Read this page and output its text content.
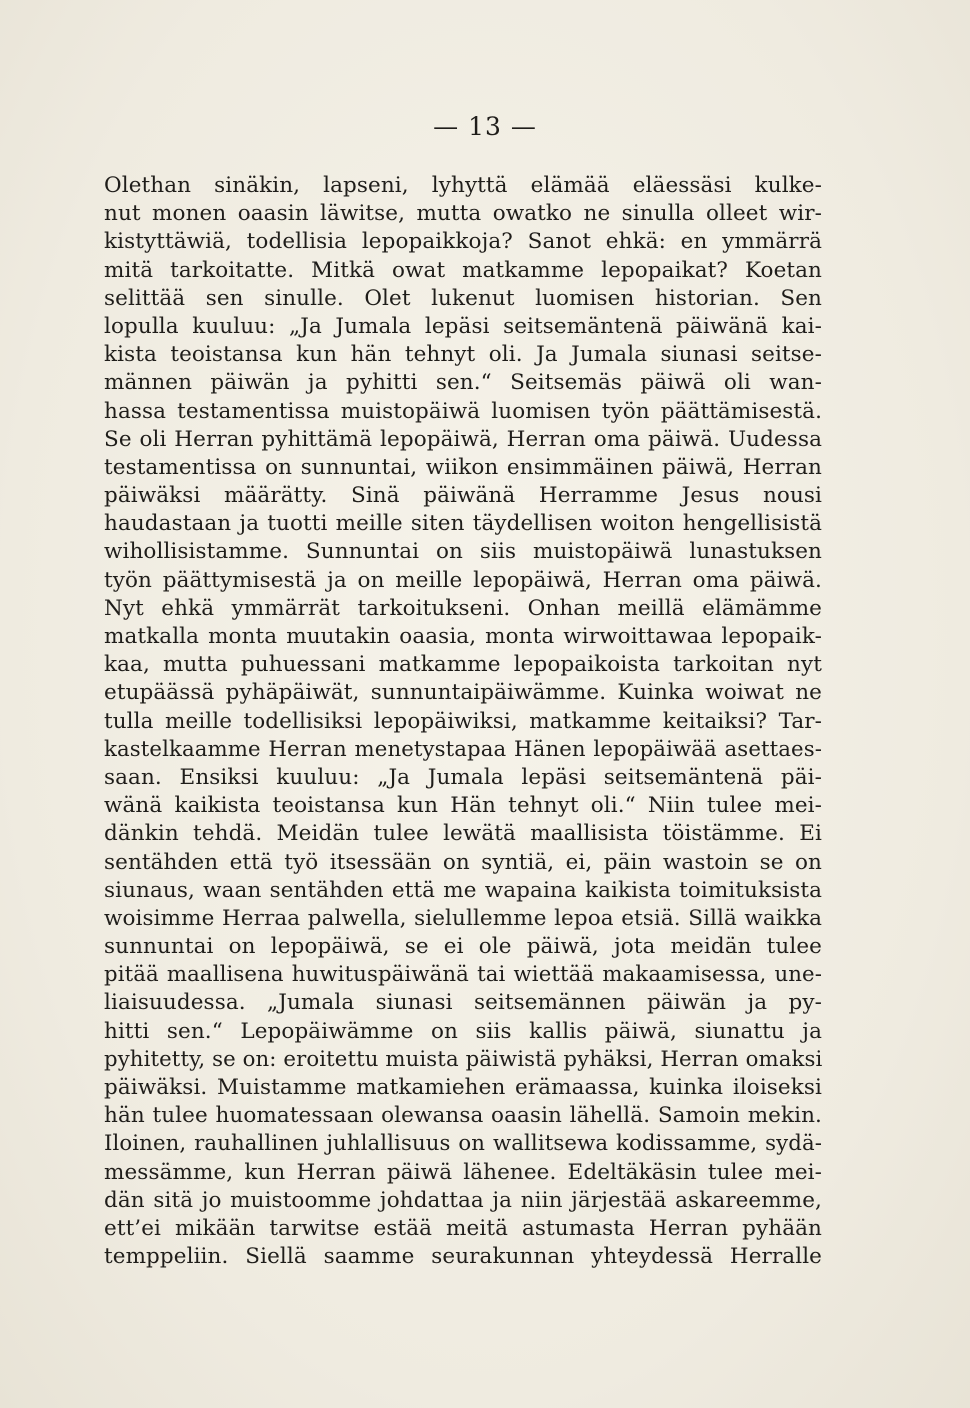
— 13 —
Olethan sinäkin, lapseni, lyhyttä elämää eläessäsi kulke-
nut monen oaasin läwitse, mutta owatko ne sinulla olleet wir-
kistyttäwiä, todellisia lepopaikkoja? Sanot ehkä: en ymmärrä
mitä tarkoitatte. Mitkä owat matkamme lepopaikat? Koetan
selittää sen sinulle. Olet lukenut luomisen historian. Sen
lopulla kuuluu: „Ja Jumala lepäsi seitsemäntenä päiwänä kai-
kista teoistansa kun hän tehnyt oli. Ja Jumala siunasi seitse-
männen päiwän ja pyhitti sen.“ Seitsemäs päiwä oli wan-
hassa testamentissa muistopäiwä luomisen työn päättämisestä.
Se oli Herran pyhittämä lepopäiwä, Herran oma päiwä. Uudessa
testamentissa on sunnuntai, wiikon ensimmäinen päiwä, Herran
päiwäksi määrätty. Sinä päiwänä Herramme Jesus nousi
haudastaan ja tuotti meille siten täydellisen woiton hengellisistä
wihollisistamme. Sunnuntai on siis muistopäiwä lunastuksen
työn päättymisestä ja on meille lepopäiwä, Herran oma päiwä.
Nyt ehkä ymmärrät tarkoitukseni. Onhan meillä elämämme
matkalla monta muutakin oaasia, monta wirwoittawaa lepopaik-
kaa, mutta puhuessani matkamme lepopaikoista tarkoitan nyt
etupäässä pyhäpäiwät, sunnuntaipäiwämme. Kuinka woiwat ne
tulla meille todellisiksi lepopäiwiksi, matkamme keitaiksi? Tar-
kastelkaamme Herran menetystapaa Hänen lepopäiwää asettaes-
saan. Ensiksi kuuluu: „Ja Jumala lepäsi seitsemäntenä päi-
wänä kaikista teoistansa kun Hän tehnyt oli.“ Niin tulee mei-
dänkin tehdä. Meidän tulee lewätä maallisista töistämme. Ei
sentähden että työ itsessään on syntiä, ei, päin wastoin se on
siunaus, waan sentähden että me wapaina kaikista toimituksista
woisimme Herraa palwella, sielullemme lepoa etsiä. Sillä waikka
sunnuntai on lepopäiwä, se ei ole päiwä, jota meidän tulee
pitää maallisena huwituspäiwänä tai wiettää makaamisessa, une-
liaisuudessa. „Jumala siunasi seitsemännen päiwän ja py-
hitti sen.“ Lepopäiwämme on siis kallis päiwä, siunattu ja
pyhitetty, se on: eroitettu muista päiwistä pyhäksi, Herran omaksi
päiwäksi. Muistamme matkamiehen erämaassa, kuinka iloiseksi
hän tulee huomatessaan olewansa oaasin lähellä. Samoin mekin.
Iloinen, rauhallinen juhlallisuus on wallitsewa kodissamme, sydä-
messämme, kun Herran päiwä lähenee. Edeltäkäsin tulee mei-
dän sitä jo muistoomme johdattaa ja niin järjestää askareemme,
ett’ei mikään tarwitse estää meitä astumasta Herran pyhään
temppeliin. Siellä saamme seurakunnan yhteydessä Herralle
